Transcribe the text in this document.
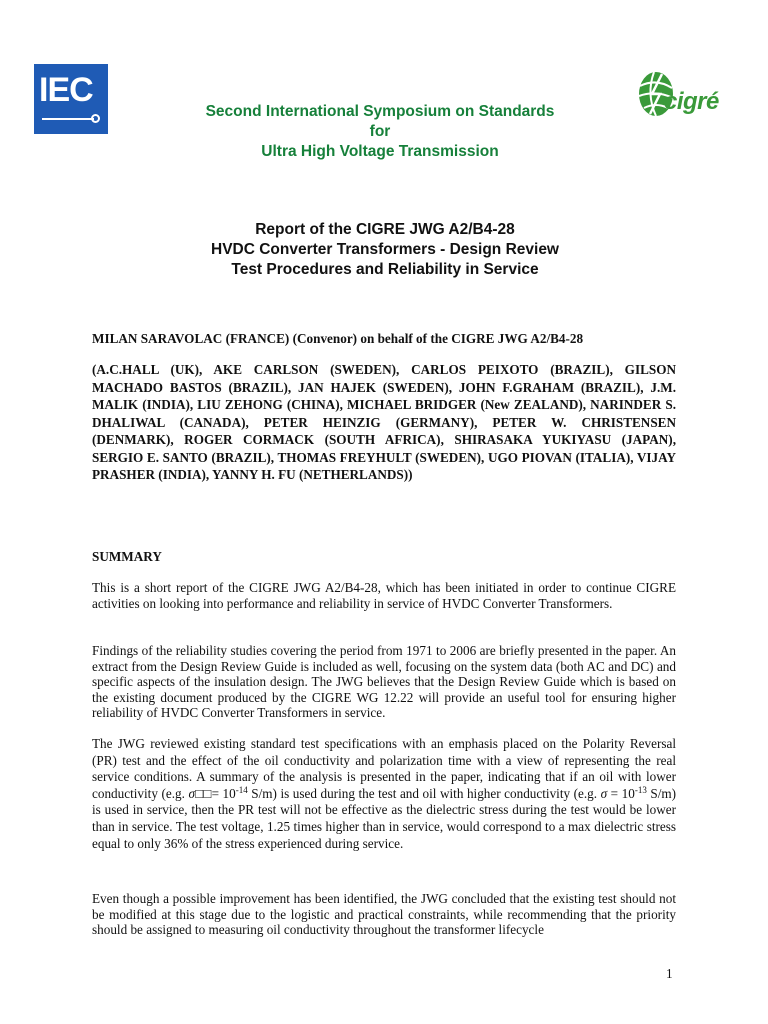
IEC	cigré
Second International Symposium on Standards
for
Ultra High Voltage Transmission
Report of the CIGRE JWG A2/B4-28
HVDC Converter Transformers - Design Review
Test Procedures and Reliability in Service
MILAN SARAVOLAC (FRANCE) (Convenor) on behalf of the CIGRE JWG A2/B4-28
(A.C.HALL (UK), AKE CARLSON (SWEDEN), CARLOS PEIXOTO (BRAZIL), GILSON MACHADO BASTOS (BRAZIL), JAN HAJEK (SWEDEN), JOHN F.GRAHAM (BRAZIL), J.M. MALIK (INDIA), LIU ZEHONG (CHINA), MICHAEL BRIDGER (New ZEALAND), NARINDER S. DHALIWAL (CANADA), PETER HEINZIG (GERMANY), PETER W. CHRISTENSEN (DENMARK), ROGER CORMACK (SOUTH AFRICA), SHIRASAKA YUKIYASU (JAPAN), SERGIO E. SANTO (BRAZIL), THOMAS FREYHULT (SWEDEN), UGO PIOVAN (ITALIA), VIJAY PRASHER (INDIA), YANNY H. FU (NETHERLANDS))
SUMMARY

This is a short report of the CIGRE JWG A2/B4-28, which has been initiated in order to continue CIGRE activities on looking into performance and reliability in service of HVDC Converter Transformers.

Findings of the reliability studies covering the period from 1971 to 2006 are briefly presented in the paper. An extract from the Design Review Guide is included as well, focusing on the system data (both AC and DC) and specific aspects of the insulation design. The JWG believes that the Design Review Guide which is based on the existing document produced by the CIGRE WG 12.22 will provide an useful tool for ensuring higher reliability of HVDC Converter Transformers in service.

The JWG reviewed existing standard test specifications with an emphasis placed on the Polarity Reversal (PR) test and the effect of the oil conductivity and polarization time with a view of representing the real service conditions. A summary of the analysis is presented in the paper, indicating that if an oil with lower conductivity (e.g. σ□□= $10^{-14}$ S/m) is used during the test and oil with higher conductivity (e.g. $\sigma = 10^{-13}$ S/m) is used in service, then the PR test will not be effective as the dielectric stress during the test would be lower than in service. The test voltage, 1.25 times higher than in service, would correspond to a max dielectric stress equal to only 36% of the stress experienced during service.

Even though a possible improvement has been identified, the JWG concluded that the existing test should not be modified at this stage due to the logistic and practical constraints, while recommending that the priority should be assigned to measuring oil conductivity throughout the transformer lifecycle

1
